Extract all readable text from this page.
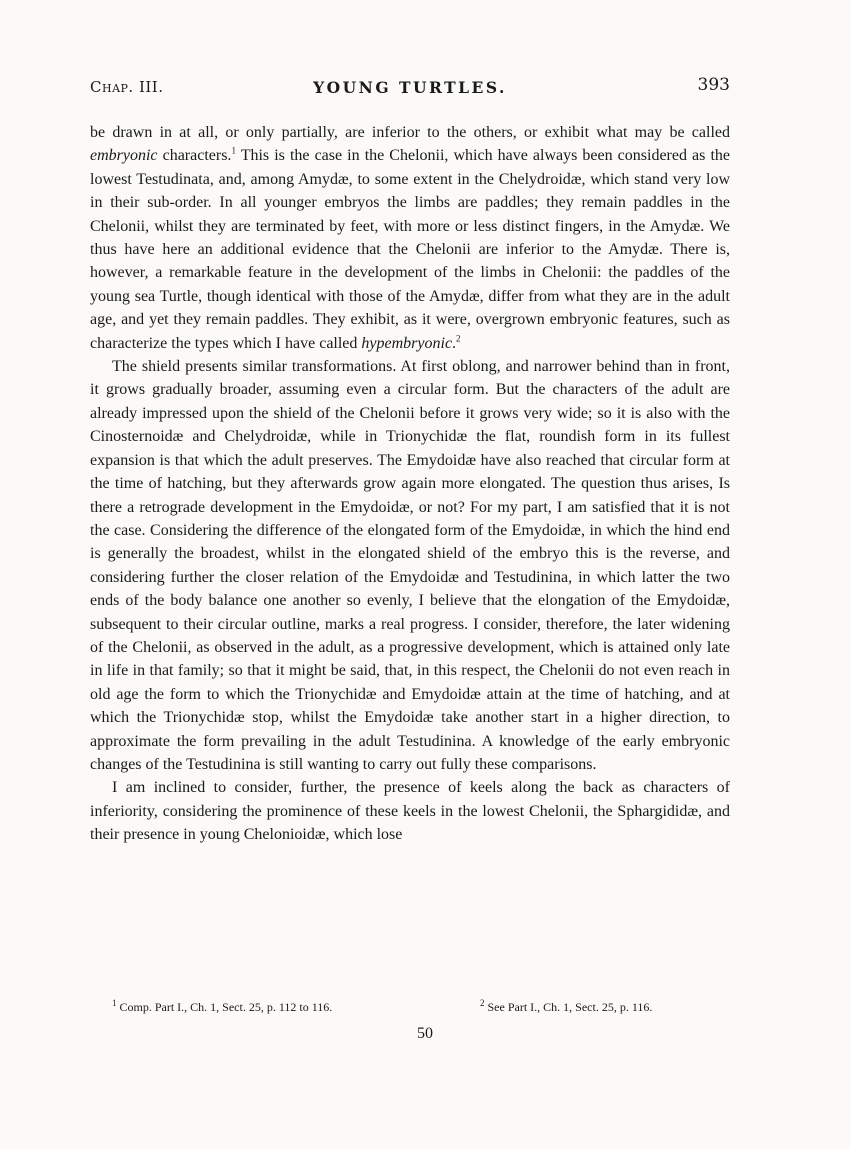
Chap. III.	YOUNG TURTLES.	393

be drawn in at all, or only partially, are inferior to the others, or exhibit what may be called embryonic characters.$^1$ This is the case in the Chelonii, which have always been considered as the lowest Testudinata, and, among Amydæ, to some extent in the Chelydroidæ, which stand very low in their sub-order. In all younger embryos the limbs are paddles; they remain paddles in the Chelonii, whilst they are terminated by feet, with more or less distinct fingers, in the Amydæ. We thus have here an additional evidence that the Chelonii are inferior to the Amydæ. There is, however, a remarkable feature in the development of the limbs in Chelonii: the paddles of the young sea Turtle, though identical with those of the Amydæ, differ from what they are in the adult age, and yet they remain paddles. They exhibit, as it were, overgrown embryonic features, such as characterize the types which I have called hypembryonic.$^2$

The shield presents similar transformations. At first oblong, and narrower behind than in front, it grows gradually broader, assuming even a circular form. But the characters of the adult are already impressed upon the shield of the Chelonii before it grows very wide; so it is also with the Cinosternoidæ and Chelydroidæ, while in Trionychidæ the flat, roundish form in its fullest expansion is that which the adult preserves. The Emydoidæ have also reached that circular form at the time of hatching, but they afterwards grow again more elongated. The question thus arises, Is there a retrograde development in the Emydoidæ, or not? For my part, I am satisfied that it is not the case. Considering the difference of the elongated form of the Emydoidæ, in which the hind end is generally the broadest, whilst in the elongated shield of the embryo this is the reverse, and considering further the closer relation of the Emydoidæ and Testudinina, in which latter the two ends of the body balance one another so evenly, I believe that the elongation of the Emydoidæ, subsequent to their circular outline, marks a real progress. I consider, therefore, the later widening of the Chelonii, as observed in the adult, as a progressive development, which is attained only late in life in that family; so that it might be said, that, in this respect, the Chelonii do not even reach in old age the form to which the Trionychidæ and Emydoidæ attain at the time of hatching, and at which the Trionychidæ stop, whilst the Emydoidæ take another start in a higher direction, to approximate the form prevailing in the adult Testudinina. A knowledge of the early embryonic changes of the Testudinina is still wanting to carry out fully these comparisons.

I am inclined to consider, further, the presence of keels along the back as characters of inferiority, considering the prominence of these keels in the lowest Chelonii, the Sphargididæ, and their presence in young Chelonioidæ, which lose

$^1$ Comp. Part I., Ch. 1, Sect. 25, p. 112 to 116.	$^2$ See Part I., Ch. 1, Sect. 25, p. 116.
50
